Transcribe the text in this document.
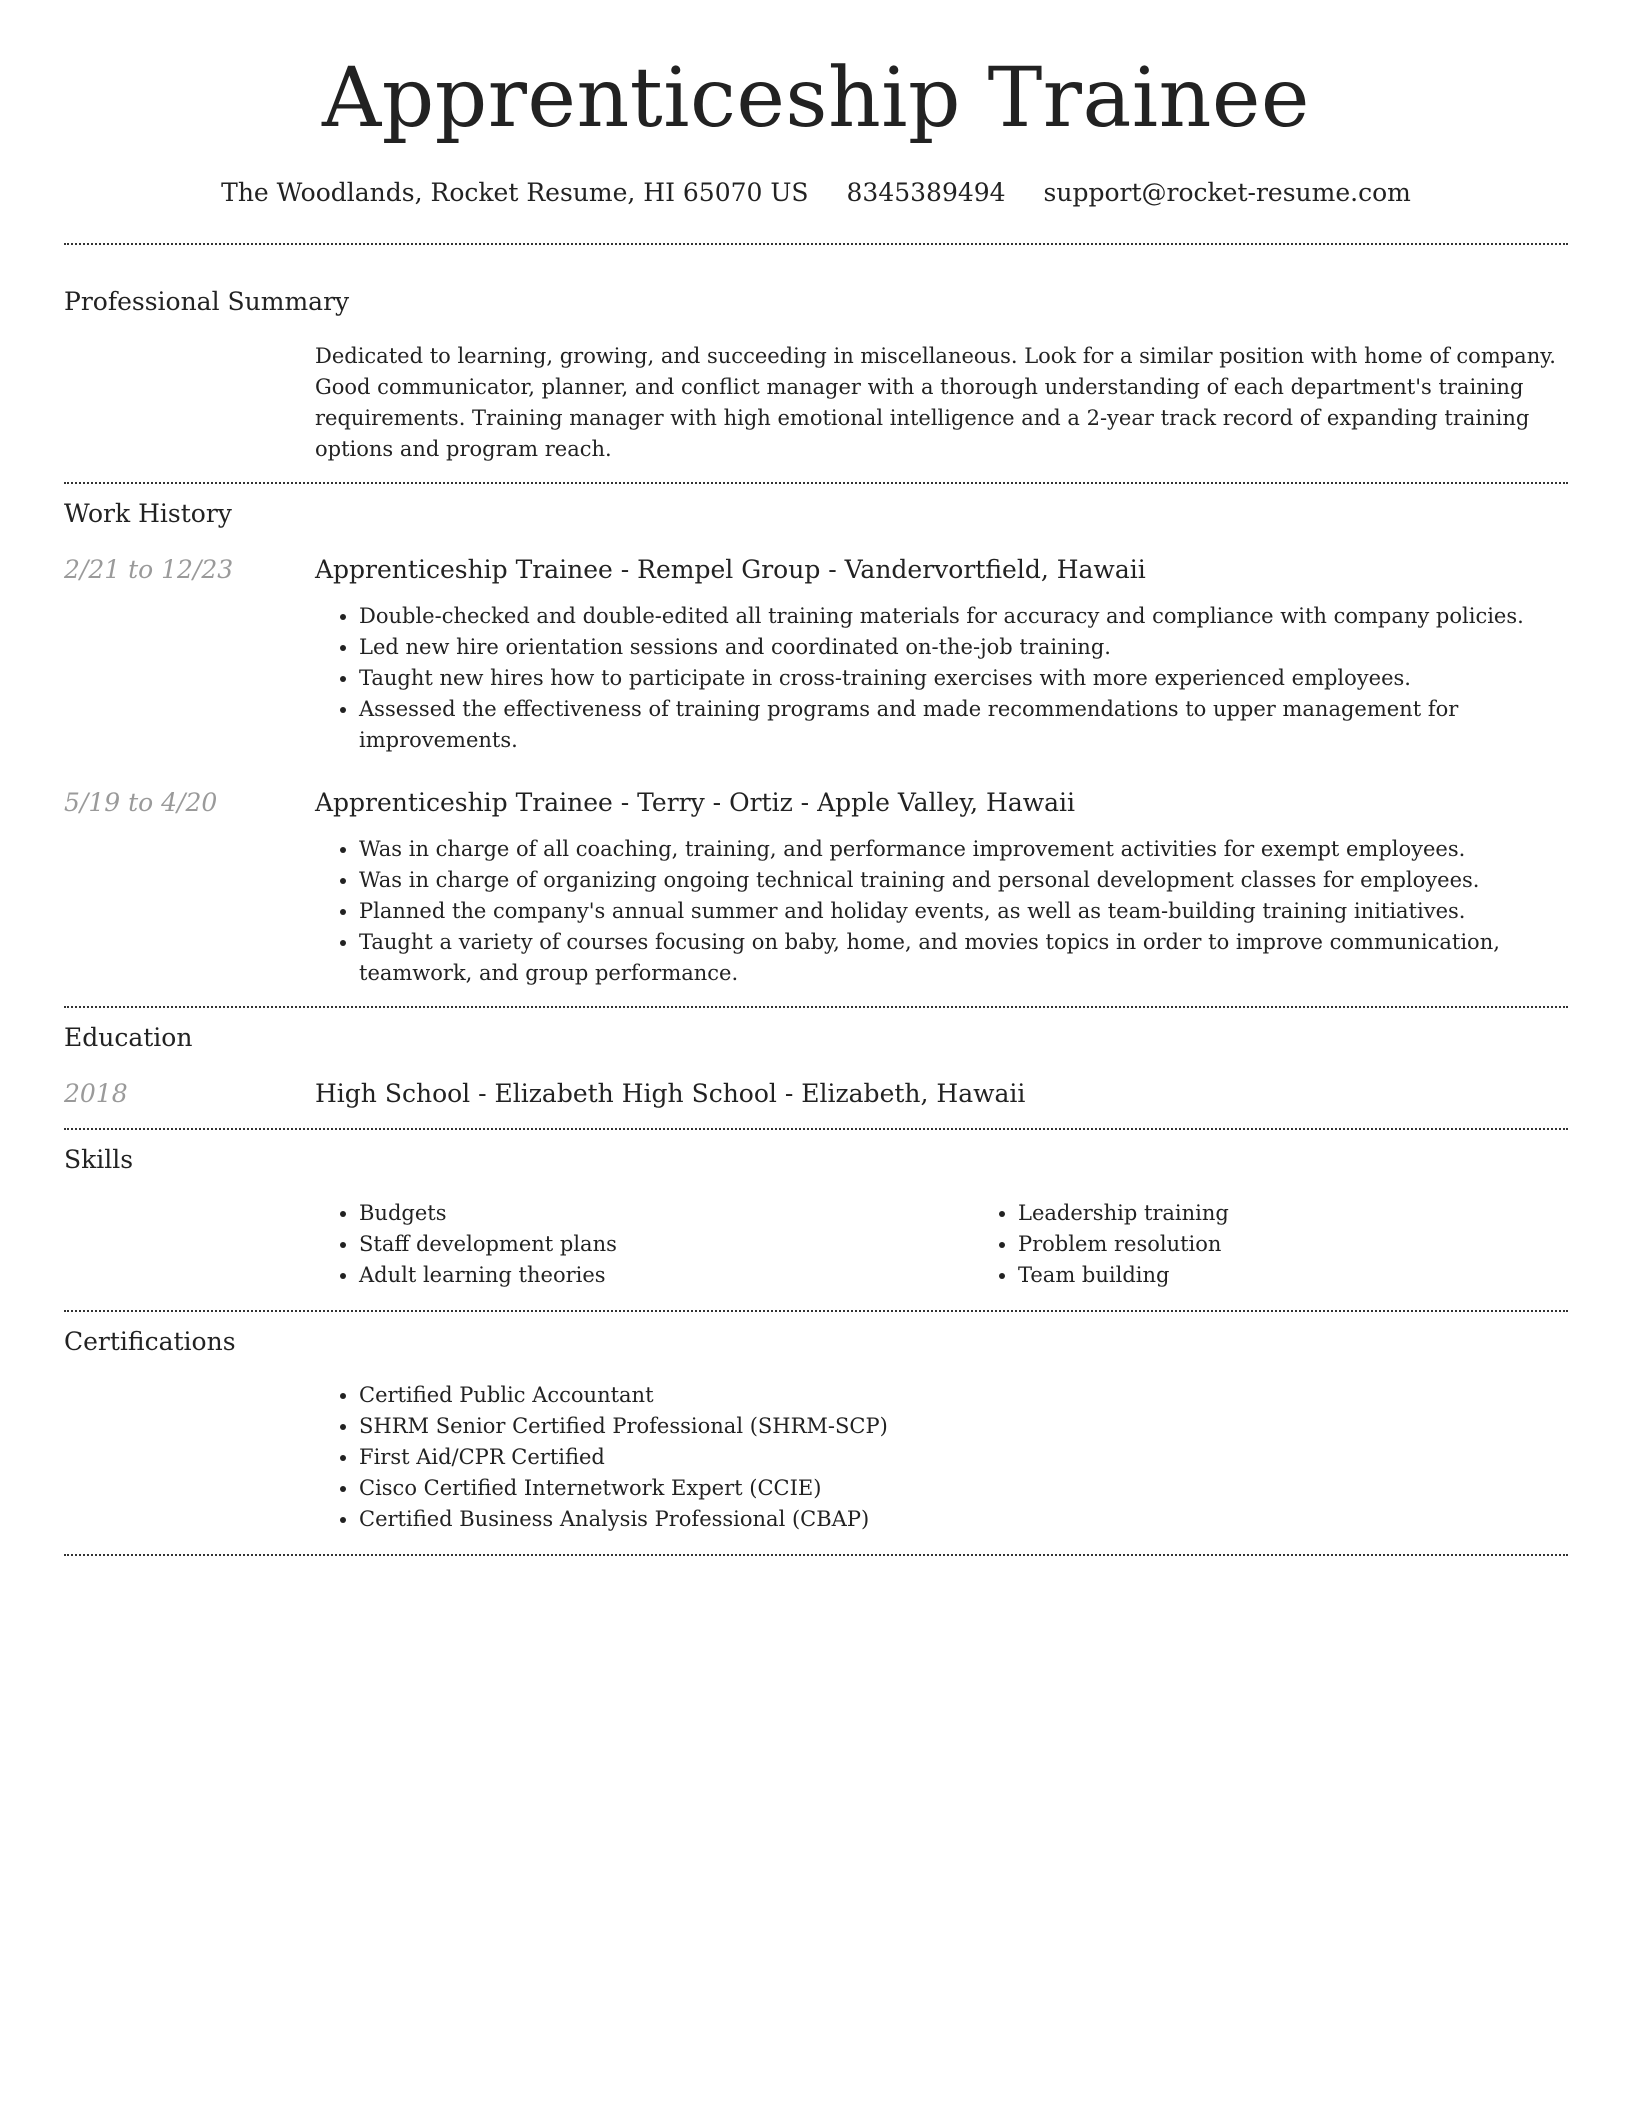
Apprenticeship Trainee
The Woodlands, Rocket Resume, HI 65070 US 8345389494 support@rocket-resume.com
Professional Summary

Dedicated to learning, growing, and succeeding in miscellaneous. Look for a similar position with home of company. Good communicator, planner, and conflict manager with a thorough understanding of each department's training requirements. Training manager with high emotional intelligence and a 2-year track record of expanding training options and program reach.

Work History
2/21 to 12/23	Apprenticeship Trainee - Rempel Group - Vandervortfield, Hawaii
• Double-checked and double-edited all training materials for accuracy and compliance with company policies.
• Led new hire orientation sessions and coordinated on-the-job training.
• Taught new hires how to participate in cross-training exercises with more experienced employees.
• Assessed the effectiveness of training programs and made recommendations to upper management for improvements.
5/19 to 4/20	Apprenticeship Trainee - Terry - Ortiz - Apple Valley, Hawaii
• Was in charge of all coaching, training, and performance improvement activities for exempt employees.
• Was in charge of organizing ongoing technical training and personal development classes for employees.
• Planned the company's annual summer and holiday events, as well as team-building training initiatives.
• Taught a variety of courses focusing on baby, home, and movies topics in order to improve communication, teamwork, and group performance.
Education
2018	High School - Elizabeth High School - Elizabeth, Hawaii
Skills
• Budgets
• Staff development plans
• Adult learning theories
• Leadership training
• Problem resolution
• Team building
Certifications
• Certified Public Accountant
• SHRM Senior Certified Professional (SHRM-SCP)
• First Aid/CPR Certified
• Cisco Certified Internetwork Expert (CCIE)
• Certified Business Analysis Professional (CBAP)
